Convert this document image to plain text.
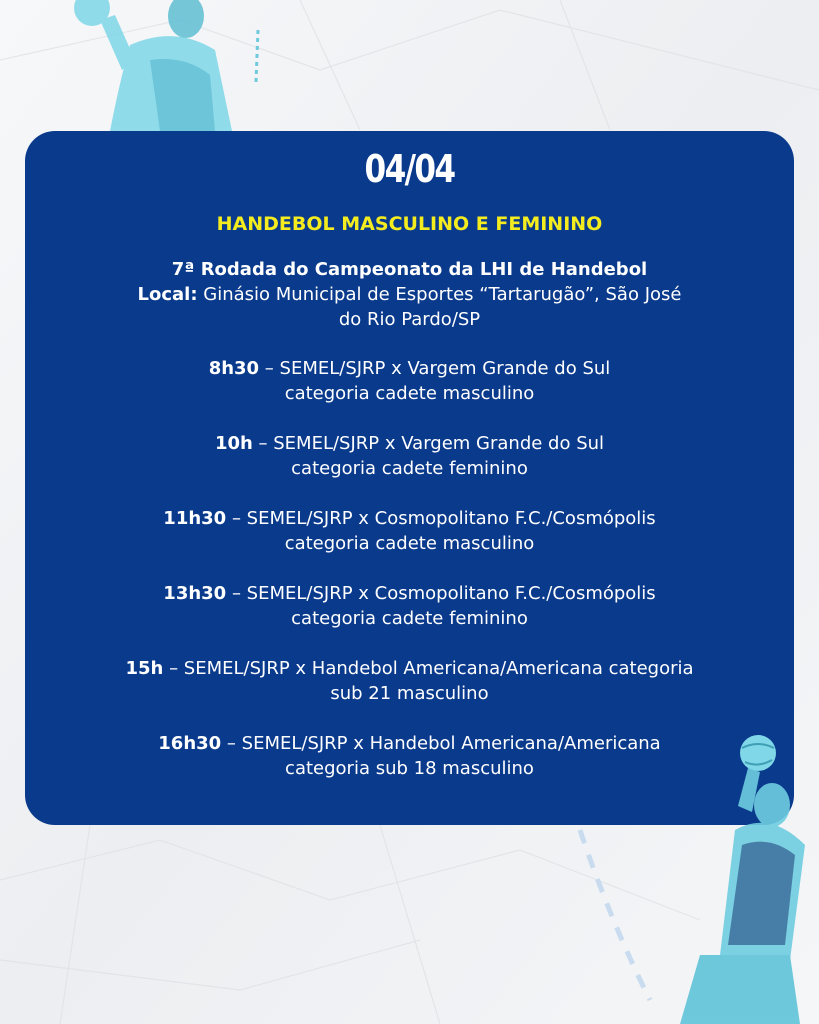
04/04
HANDEBOL MASCULINO E FEMININO
7ª Rodada do Campeonato da LHI de Handebol
Local: Ginásio Municipal de Esportes “Tartarugão”, São José
do Rio Pardo/SP
8h30 – SEMEL/SJRP x Vargem Grande do Sul
categoria cadete masculino
10h – SEMEL/SJRP x Vargem Grande do Sul
categoria cadete feminino
11h30 – SEMEL/SJRP x Cosmopolitano F.C./Cosmópolis
categoria cadete masculino
13h30 – SEMEL/SJRP x Cosmopolitano F.C./Cosmópolis
categoria cadete feminino
15h – SEMEL/SJRP x Handebol Americana/Americana categoria
sub 21 masculino
16h30 – SEMEL/SJRP x Handebol Americana/Americana
categoria sub 18 masculino
